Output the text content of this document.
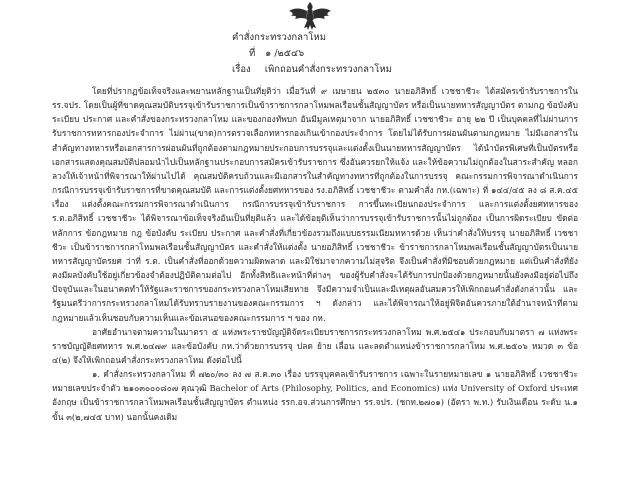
คำสั่งกระทรวงกลาโหม
ที่ ๑ /๒๕๔๖
เรื่อง เพิกถอนคำสั่งกระทรวงกลาโหม

โดยที่ปรากฏข้อเท็จจริงและพยานหลักฐานเป็นที่ยุติว่า เมื่อวันที่ ๙ เมษายน ๒๕๓๐ นายอภิสิทธิ์ เวชชาชีวะ ได้สมัครเข้ารับราชการใน รร.จปร. โดยเป็นผู้ที่ขาดคุณสมบัติบรรจุเข้ารับราชการเป็นข้าราชการกลาโหมพลเรือนชั้นสัญญาบัตร หรือเป็นนายทหารสัญญาบัตร ตามกฎ ข้อบังคับ ระเบียบ ประกาศ และคำสั่งของกระทรวงกลาโหม และของกองทัพบก อันมีมูลเหตุมาจาก นายอภิสิทธิ์ เวชชาชีวะ อายุ ๒๒ ปี เป็นบุคคลที่ไม่ผ่านการรับราชการทหารกองประจำการ ไม่ผ่าน(ขาด)การตรวจเลือกทหารกองเกินเข้ากองประจำการ โดยไม่ได้รับการผ่อนผันตามกฎหมาย ไม่มีเอกสารในสำคัญทางทหารหรือเอกสารการผ่อนผันที่ถูกต้องตามกฎหมายประกอบการบรรจุและแต่งตั้งเป็นนายทหารสัญญาบัตร ได้นำบัตรพิเศษที่เป็นบัตรหรือเอกสารแสดงคุณสมบัติปลอมนำไปเป็นหลักฐานประกอบการสมัครเข้ารับราชการ ซึ่งอันควรยกให้แจ้ง และให้ข้อความไม่ถูกต้องในสาระสำคัญ หลอกลวงให้เจ้าหน้าที่พิจารณาให้ผ่านไปได้ คุณสมบัติครบถ้วนและมีเอกสารในสำคัญทางทหารที่ถูกต้องในการบรรจุ คณะกรรมการพิจารณาดำเนินการกรณีการบรรจุเข้ารับราชการที่ขาดคุณสมบัติ และการแต่งตั้งยศทหารของ รง.อภิสิทธิ์ เวชชาชีวะ ตามคำสั่ง กห.(เฉพาะ) ที่ ๑๔๔/๔๕ ลง ๘ ส.ค.๔๕ เรื่อง แต่งตั้งคณะกรรมการพิจารณาดำเนินการ กรณีการบรรจุเข้ารับราชการ การขึ้นทะเบียนกองประจำการ และการแต่งตั้งยศทหารของ ร.ต.อภิสิทธิ์ เวชชาชีวะ ได้พิจารณาข้อเท็จจริงอันเป็นที่ยุติแล้ว และได้ข้อยุติเห็นว่าการบรรจุเข้ารับราชการนั้นไม่ถูกต้อง เป็นการผิดระเบียบ ขัดต่อหลักการ ข้อกฎหมาย กฎ ข้อบังคับ ระเบียบ ประกาศ และคำสั่งที่เกี่ยวข้องรวมถึงแบบธรรมเนียมทหารด้วย เห็นว่าคำสั่งให้บรรจุ นายอภิสิทธิ์ เวชชาชีวะ เป็นข้าราชการกลาโหมพลเรือนชั้นสัญญาบัตร และคำสั่งให้แต่งตั้ง นายอภิสิทธิ์ เวชชาชีวะ ข้าราชการกลาโหมพลเรือนชั้นสัญญาบัตรเป็นนายทหารสัญญาบัตรยศ ว่าที่ ร.ต. เป็นคำสั่งที่ออกด้วยความผิดพลาด และมิใช่มาจากความไม่สุจริต จึงเป็นคำสั่งที่มิชอบด้วยกฎหมาย แต่เป็นคำสั่งที่ยังคงมีผลบังคับใช้อยู่เกี่ยวข้องจำต้องปฏิบัติตามต่อไป อีกทั้งสิทธิและหน้าที่ต่างๆ ของผู้รับคำสั่งจะได้รับการปกป้องด้วยกฎหมายนั้นยังคงมีอยู่ต่อไปถึงปัจจุบันและในอนาคตทำให้รัฐและราชการของกระทรวงกลาโหมเสียหาย จึงมีความจำเป็นและมีเหตุผลอันสมควรให้เพิกถอนคำสั่งดังกล่าวนั้น และรัฐมนตรีว่าการกระทรวงกลาโหมได้รับทราบรายงานของคณะกรรมการ ฯ ดังกล่าว และได้พิจารณาให้อยู่พิจิตอันควรภายใต้อำนาจหน้าที่ตามกฎหมายแล้วเห็นชอบกับความเห็นและข้อเสนอของคณะกรรมการ ฯ ของ กห.

อาศัยอำนาจตามความในมาตรา ๕ แห่งพระราชบัญญัติจัดระเบียบราชการกระทรวงกลาโหม พ.ศ.๒๕๔๑ ประกอบกับมาตรา ๗ แห่งพระราชบัญญัติยศทหาร พ.ศ.๒๔๗๙ และข้อบังคับ กห.ว่าด้วยการบรรจุ ปลด ย้าย เลื่อน และลดตำแหน่งข้าราชการกลาโหม พ.ศ.๒๕๐๖ หมวด ๓ ข้อ ๔(๒) จึงให้เพิกถอนคำสั่งกระทรวงกลาโหม ดังต่อไปนี้

๑. คำสั่งกระทรวงกลาโหม ที่ ๗๒๐/๓๐ ลง ๗ ส.ค.๓๐ เรื่อง บรรจุบุคคลเข้ารับราชการ เฉพาะในรายหมายเลข ๑ นายอภิสิทธิ์ เวชชาชีวะ หมายเลขประจำตัว ๒๑๐๓๐๐๐๘๐๗ คุณวุฒิ Bachelor of Arts (Philosophy, Politics, and Economics) แห่ง University of Oxford ประเทศอังกฤษ เป็นข้าราชการกลาโหมพลเรือนชั้นสัญญาบัตร ตำแหน่ง รรก.อจ.ส่วนการศึกษา รร.จปร. (ชกท.๒๗๐๑) (อัตรา พ.ท.) รับเงินเดือน ระดับ น.๑ ขั้น ๓(๒,๗๔๕ บาท) นอกนั้นคงเดิม
